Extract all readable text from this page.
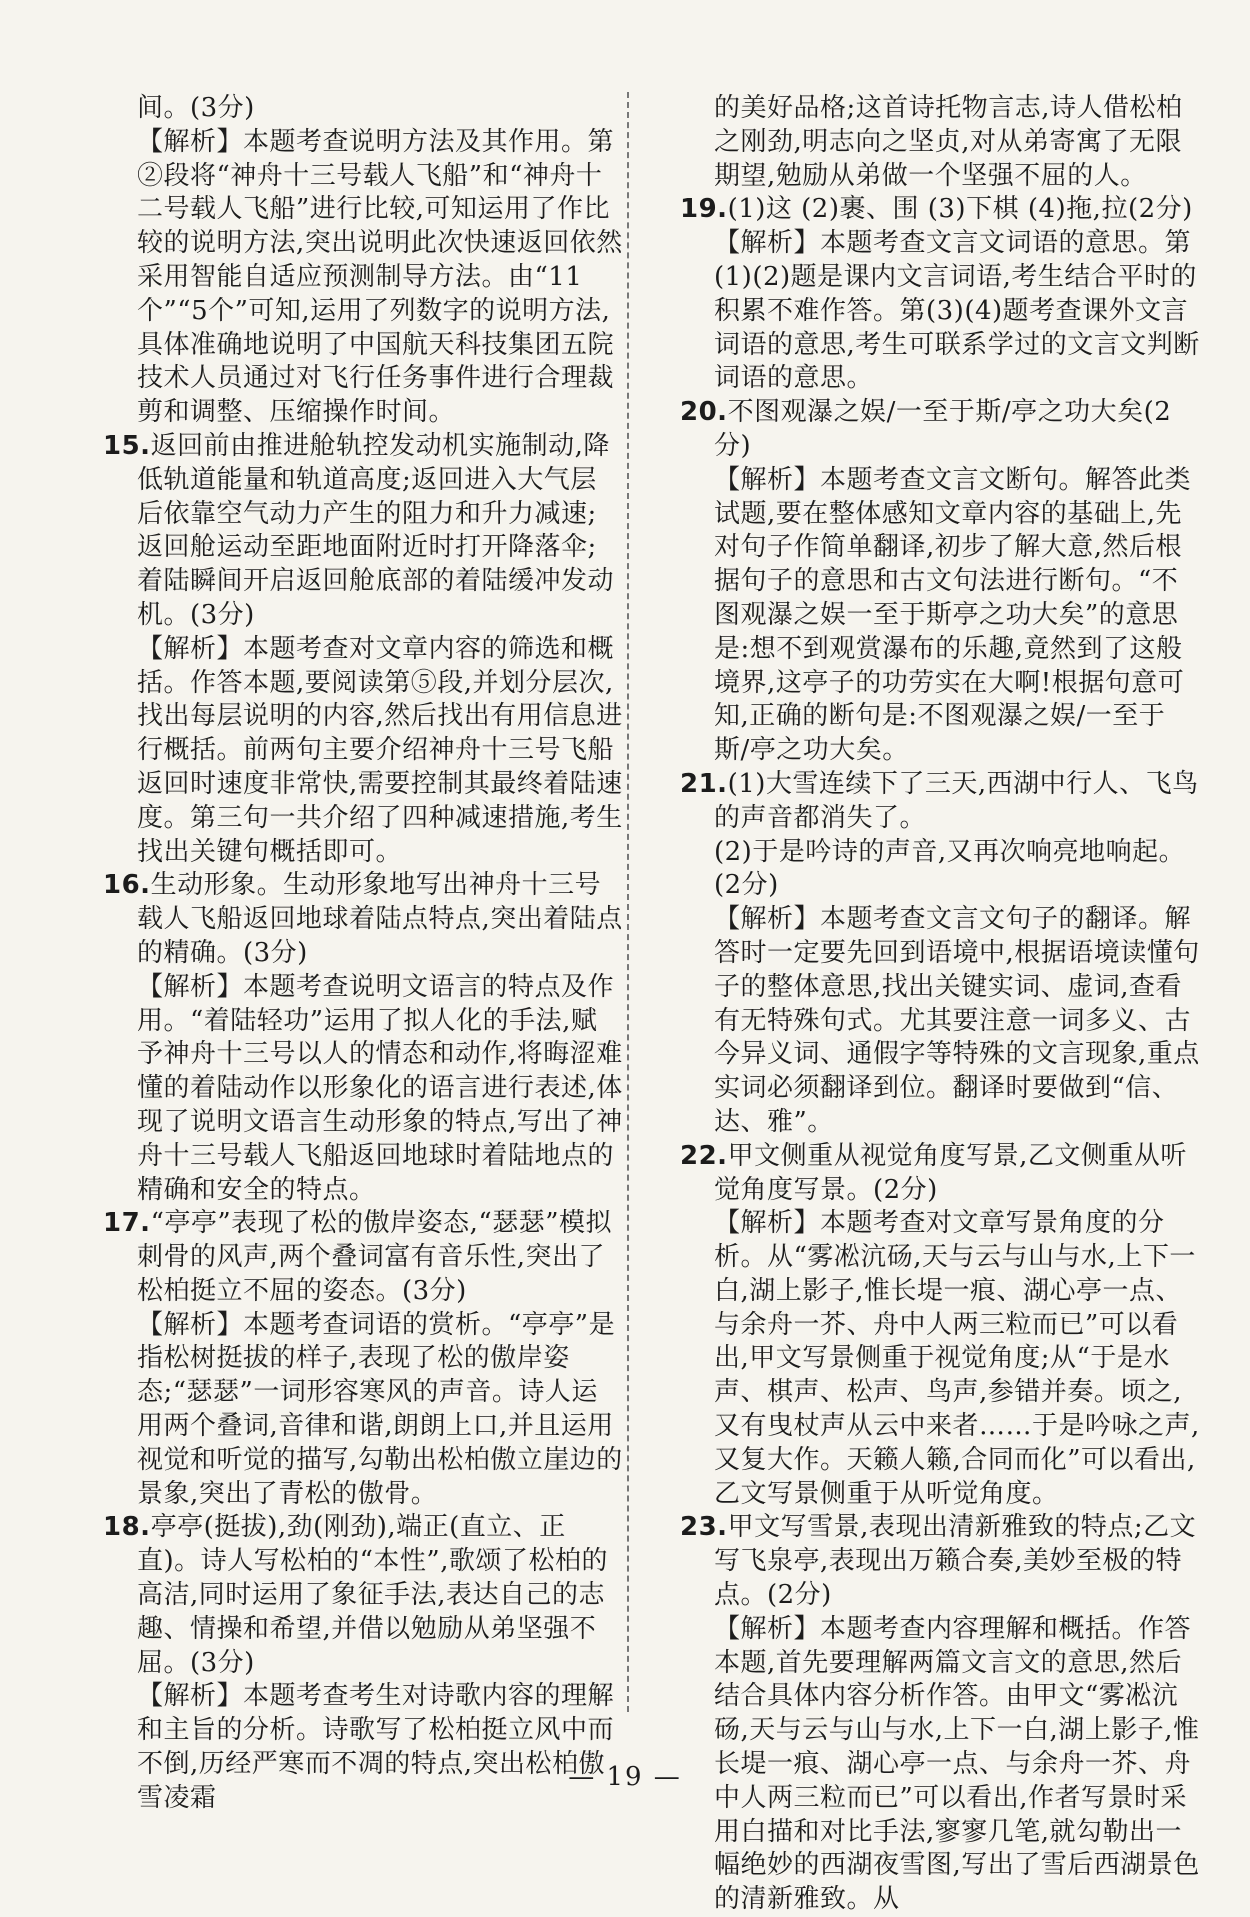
间。(3分)

【解析】本题考查说明方法及其作用。第②段将“神舟十三号载人飞船”和“神舟十二号载人飞船”进行比较,可知运用了作比较的说明方法,突出说明此次快速返回依然采用智能自适应预测制导方法。由“11个”“5个”可知,运用了列数字的说明方法,具体准确地说明了中国航天科技集团五院技术人员通过对飞行任务事件进行合理裁剪和调整、压缩操作时间。

15.返回前由推进舱轨控发动机实施制动,降低轨道能量和轨道高度;返回进入大气层后依靠空气动力产生的阻力和升力减速;返回舱运动至距地面附近时打开降落伞;着陆瞬间开启返回舱底部的着陆缓冲发动机。(3分)

【解析】本题考查对文章内容的筛选和概括。作答本题,要阅读第⑤段,并划分层次,找出每层说明的内容,然后找出有用信息进行概括。前两句主要介绍神舟十三号飞船返回时速度非常快,需要控制其最终着陆速度。第三句一共介绍了四种减速措施,考生找出关键句概括即可。

16.生动形象。生动形象地写出神舟十三号载人飞船返回地球着陆点特点,突出着陆点的精确。(3分)

【解析】本题考查说明文语言的特点及作用。“着陆轻功”运用了拟人化的手法,赋予神舟十三号以人的情态和动作,将晦涩难懂的着陆动作以形象化的语言进行表述,体现了说明文语言生动形象的特点,写出了神舟十三号载人飞船返回地球时着陆地点的精确和安全的特点。

17.“亭亭”表现了松的傲岸姿态,“瑟瑟”模拟刺骨的风声,两个叠词富有音乐性,突出了松柏挺立不屈的姿态。(3分)

【解析】本题考查词语的赏析。“亭亭”是指松树挺拔的样子,表现了松的傲岸姿态;“瑟瑟”一词形容寒风的声音。诗人运用两个叠词,音律和谐,朗朗上口,并且运用视觉和听觉的描写,勾勒出松柏傲立崖边的景象,突出了青松的傲骨。

18.亭亭(挺拔),劲(刚劲),端正(直立、正直)。诗人写松柏的“本性”,歌颂了松柏的高洁,同时运用了象征手法,表达自己的志趣、情操和希望,并借以勉励从弟坚强不屈。(3分)

【解析】本题考查考生对诗歌内容的理解和主旨的分析。诗歌写了松柏挺立风中而不倒,历经严寒而不凋的特点,突出松柏傲雪凌霜

的美好品格;这首诗托物言志,诗人借松柏之刚劲,明志向之坚贞,对从弟寄寓了无限期望,勉励从弟做一个坚强不屈的人。

19.(1)这 (2)裹、围 (3)下棋 (4)拖,拉(2分)

【解析】本题考查文言文词语的意思。第(1)(2)题是课内文言词语,考生结合平时的积累不难作答。第(3)(4)题考查课外文言词语的意思,考生可联系学过的文言文判断词语的意思。

20.不图观瀑之娱/一至于斯/亭之功大矣(2分)

【解析】本题考查文言文断句。解答此类试题,要在整体感知文章内容的基础上,先对句子作简单翻译,初步了解大意,然后根据句子的意思和古文句法进行断句。“不图观瀑之娱一至于斯亭之功大矣”的意思是:想不到观赏瀑布的乐趣,竟然到了这般境界,这亭子的功劳实在大啊!根据句意可知,正确的断句是:不图观瀑之娱/一至于斯/亭之功大矣。

21.(1)大雪连续下了三天,西湖中行人、飞鸟的声音都消失了。

(2)于是吟诗的声音,又再次响亮地响起。(2分)

【解析】本题考查文言文句子的翻译。解答时一定要先回到语境中,根据语境读懂句子的整体意思,找出关键实词、虚词,查看有无特殊句式。尤其要注意一词多义、古今异义词、通假字等特殊的文言现象,重点实词必须翻译到位。翻译时要做到“信、达、雅”。

22.甲文侧重从视觉角度写景,乙文侧重从听觉角度写景。(2分)

【解析】本题考查对文章写景角度的分析。从“雾凇沆砀,天与云与山与水,上下一白,湖上影子,惟长堤一痕、湖心亭一点、与余舟一芥、舟中人两三粒而已”可以看出,甲文写景侧重于视觉角度;从“于是水声、棋声、松声、鸟声,参错并奏。顷之,又有曳杖声从云中来者……于是吟咏之声,又复大作。天籁人籁,合同而化”可以看出,乙文写景侧重于从听觉角度。

23.甲文写雪景,表现出清新雅致的特点;乙文写飞泉亭,表现出万籁合奏,美妙至极的特点。(2分)

【解析】本题考查内容理解和概括。作答本题,首先要理解两篇文言文的意思,然后结合具体内容分析作答。由甲文“雾凇沆砀,天与云与山与水,上下一白,湖上影子,惟长堤一痕、湖心亭一点、与余舟一芥、舟中人两三粒而已”可以看出,作者写景时采用白描和对比手法,寥寥几笔,就勾勒出一幅绝妙的西湖夜雪图,写出了雪后西湖景色的清新雅致。从

— 19 —
